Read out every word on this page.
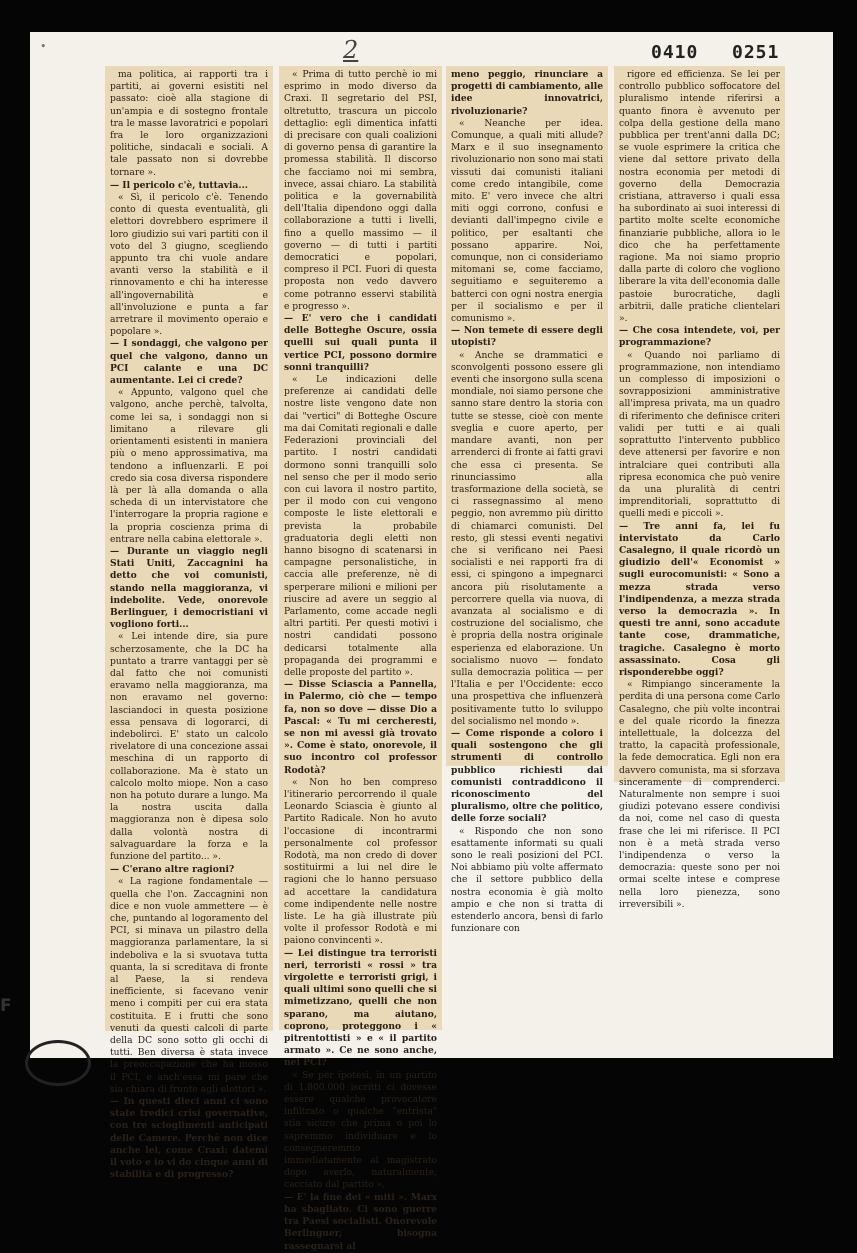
•	2	0410 0251

ma politica, ai rapporti tra i partiti, ai governi esistiti nel passato: cioè alla stagione di un'ampia e di sostegno frontale tra le masse lavoratrici e popolari fra le loro organizzazioni politiche, sindacali e sociali. A tale passato non si dovrebbe tornare ».

— Il pericolo c'è, tuttavia...

« Sì, il pericolo c'è. Tenendo conto di questa eventualità, gli elettori dovrebbero esprimere il loro giudizio sui vari partiti con il voto del 3 giugno, scegliendo appunto tra chi vuole andare avanti verso la stabilità e il rinnovamento e chi ha interesse all'ingovernabilità e all'involuzione e punta a far arretrare il movimento operaio e popolare ».

— I sondaggi, che valgono per quel che valgono, danno un PCI calante e una DC aumentante. Lei ci crede?

« Appunto, valgono quel che valgono, anche perchè, talvolta, come lei sa, i sondaggi non si limitano a rilevare gli orientamenti esistenti in maniera più o meno approssimativa, ma tendono a influenzarli. E poi credo sia cosa diversa rispondere là per là alla domanda o alla scheda di un intervistatore che l'interrogare la propria ragione e la propria coscienza prima di entrare nella cabina elettorale ».

— Durante un viaggio negli Stati Uniti, Zaccagnini ha detto che voi comunisti, stando nella maggioranza, vi indebolite. Vede, onorevole Berlinguer, i democristiani vi vogliono forti...

« Lei intende dire, sia pure scherzosamente, che la DC ha puntato a trarre vantaggi per sè dal fatto che noi comunisti eravamo nella maggioranza, ma non eravamo nel governo: lasciandoci in questa posizione essa pensava di logorarci, di indebolirci. E' stato un calcolo rivelatore di una concezione assai meschina di un rapporto di collaborazione. Ma è stato un calcolo molto miope. Non a caso non ha potuto durare a lungo. Ma la nostra uscita dalla maggioranza non è dipesa solo dalla volontà nostra di salvaguardare la forza e la funzione del partito... ».

— C'erano altre ragioni?

« La ragione fondamentale — quella che l'on. Zaccagnini non dice e non vuole ammettere — è che, puntando al logoramento del PCI, si minava un pilastro della maggioranza parlamentare, la si indeboliva e la si svuotava tutta quanta, la si screditava di fronte al Paese, la si rendeva inefficiente, si facevano venir meno i compiti per cui era stata costituita. E i frutti che sono venuti da questi calcoli di parte della DC sono sotto gli occhi di tutti. Ben diversa è stata invece la preoccupazione che ha mosso il PCI, e anch'essa mi pare che sia chiara di fronte agli elettori ».

— In questi dieci anni ci sono state tredici crisi governative, con tre scioglimenti anticipati delle Camere. Perchè non dice anche lei, come Craxi: datemi il voto e io vi do cinque anni di stabilità e di progresso?

« Prima di tutto perchè io mi esprimo in modo diverso da Craxi. Il segretario del PSI, oltretutto, trascura un piccolo dettaglio: egli dimentica infatti di precisare con quali coalizioni di governo pensa di garantire la promessa stabilità. Il discorso che facciamo noi mi sembra, invece, assai chiaro. La stabilità politica e la governabilità dell'Italia dipendono oggi dalla collaborazione a tutti i livelli, fino a quello massimo — il governo — di tutti i partiti democratici e popolari, compreso il PCI. Fuori di questa proposta non vedo davvero come potranno esservi stabilità e progresso ».

— E' vero che i candidati delle Botteghe Oscure, ossia quelli sui quali punta il vertice PCI, possono dormire sonni tranquilli?

« Le indicazioni delle preferenze ai candidati delle nostre liste vengono date non dai "vertici" di Botteghe Oscure ma dai Comitati regionali e dalle Federazioni provinciali del partito. I nostri candidati dormono sonni tranquilli solo nel senso che per il modo serio con cui lavora il nostro partito, per il modo con cui vengono composte le liste elettorali e prevista la probabile graduatoria degli eletti non hanno bisogno di scatenarsi in campagne personalistiche, in caccia alle preferenze, nè di sperperare milioni e milioni per riuscire ad avere un seggio al Parlamento, come accade negli altri partiti. Per questi motivi i nostri candidati possono dedicarsi totalmente alla propaganda dei programmi e delle proposte del partito ».

— Disse Sciascia a Pannella, in Palermo, ciò che — tempo fa, non so dove — disse Dio a Pascal: « Tu mi cercheresti, se non mi avessi già trovato ». Come è stato, onorevole, il suo incontro col professor Rodotà?

« Non ho ben compreso l'itinerario percorrendo il quale Leonardo Sciascia è giunto al Partito Radicale. Non ho avuto l'occasione di incontrarmi personalmente col professor Rodotà, ma non credo di dover sostituirmi a lui nel dire le ragioni che lo hanno persuaso ad accettare la candidatura come indipendente nelle nostre liste. Le ha già illustrate più volte il professor Rodotà e mi paiono convincenti ».

— Lei distingue tra terroristi neri, terroristi « rossi » tra virgolette e terroristi grigi, i quali ultimi sono quelli che si mimetizzano, quelli che non sparano, ma aiutano, coprono, proteggono i « pitrentottisti » e « il partito armato ». Ce ne sono anche, nel PCI?

« Se per ipotesi, in un partito di 1.800.000 iscritti ci dovesse essere qualche provocatore infiltrato o qualche "entrista" stia sicuro che prima o poi lo sapremmo individuare e lo consegneremmo immediatamente al magistrato dopo averlo, naturalmente, cacciato dal partito ».

— E' la fine dei « miti ». Marx ha sbagliato. Ci sono guerre tra Paesi socialisti. Onorevole Berlinguer, bisogna rassegnarsi al

meno peggio, rinunciare a progetti di cambiamento, alle idee innovatrici, rivoluzionarie?

« Neanche per idea. Comunque, a quali miti allude? Marx e il suo insegnamento rivoluzionario non sono mai stati vissuti dai comunisti italiani come credo intangibile, come mito. E' vero invece che altri miti oggi corrono, confusi e devianti dall'impegno civile e politico, per esaltanti che possano apparire. Noi, comunque, non ci consideriamo mitomani se, come facciamo, seguitiamo e seguiteremo a batterci con ogni nostra energia per il socialismo e per il comunismo ».

— Non temete di essere degli utopisti?

« Anche se drammatici e sconvolgenti possono essere gli eventi che insorgono sulla scena mondiale, noi siamo persone che sanno stare dentro la storia con tutte se stesse, cioè con mente sveglia e cuore aperto, per mandare avanti, non per arrenderci di fronte ai fatti gravi che essa ci presenta. Se rinunciassimo alla trasformazione della società, se ci rassegnassimo al meno peggio, non avremmo più diritto di chiamarci comunisti. Del resto, gli stessi eventi negativi che si verificano nei Paesi socialisti e nei rapporti fra di essi, ci spingono a impegnarci ancora più risolutamente a percorrere quella via nuova, di avanzata al socialismo e di costruzione del socialismo, che è propria della nostra originale esperienza ed elaborazione. Un socialismo nuovo — fondato sulla democrazia politica — per l'Italia e per l'Occidente: ecco una prospettiva che influenzerà positivamente tutto lo sviluppo del socialismo nel mondo ».

— Come risponde a coloro i quali sostengono che gli strumenti di controllo pubblico richiesti dai comunisti contraddicono il riconoscimento del pluralismo, oltre che politico, delle forze sociali?

« Rispondo che non sono esattamente informati su quali sono le reali posizioni del PCI. Noi abbiamo più volte affermato che il settore pubblico della nostra economia è già molto ampio e che non si tratta di estenderlo ancora, bensì di farlo funzionare con

rigore ed efficienza. Se lei per controllo pubblico soffocatore del pluralismo intende riferirsi a quanto finora è avvenuto per colpa della gestione della mano pubblica per trent'anni dalla DC; se vuole esprimere la critica che viene dal settore privato della nostra economia per metodi di governo della Democrazia cristiana, attraverso i quali essa ha subordinato ai suoi interessi di partito molte scelte economiche finanziarie pubbliche, allora io le dico che ha perfettamente ragione. Ma noi siamo proprio dalla parte di coloro che vogliono liberare la vita dell'economia dalle pastoie burocratiche, dagli arbitrii, dalle pratiche clientelari ».

— Che cosa intendete, voi, per programmazione?

« Quando noi parliamo di programmazione, non intendiamo un complesso di imposizioni o sovrapposizioni amministrative all'impresa privata, ma un quadro di riferimento che definisce criteri validi per tutti e ai quali soprattutto l'intervento pubblico deve attenersi per favorire e non intralciare quei contributi alla ripresa economica che può venire da una pluralità di centri imprenditoriali, soprattutto di quelli medi e piccoli ».

— Tre anni fa, lei fu intervistato da Carlo Casalegno, il quale ricordò un giudizio dell'« Economist » sugli eurocomunisti: « Sono a mezza strada verso l'indipendenza, a mezza strada verso la democrazia ». In questi tre anni, sono accadute tante cose, drammatiche, tragiche. Casalegno è morto assassinato. Cosa gli risponderebbe oggi?

« Rimpiango sinceramente la perdita di una persona come Carlo Casalegno, che più volte incontrai e del quale ricordo la finezza intellettuale, la dolcezza del tratto, la capacità professionale, la fede democratica. Egli non era davvero comunista, ma si sforzava sinceramente di comprenderci. Naturalmente non sempre i suoi giudizi potevano essere condivisi da noi, come nel caso di questa frase che lei mi riferisce. Il PCI non è a metà strada verso l'indipendenza o verso la democrazia: queste sono per noi ormai scelte intese e comprese nella loro pienezza, sono irreversibili ».

F
